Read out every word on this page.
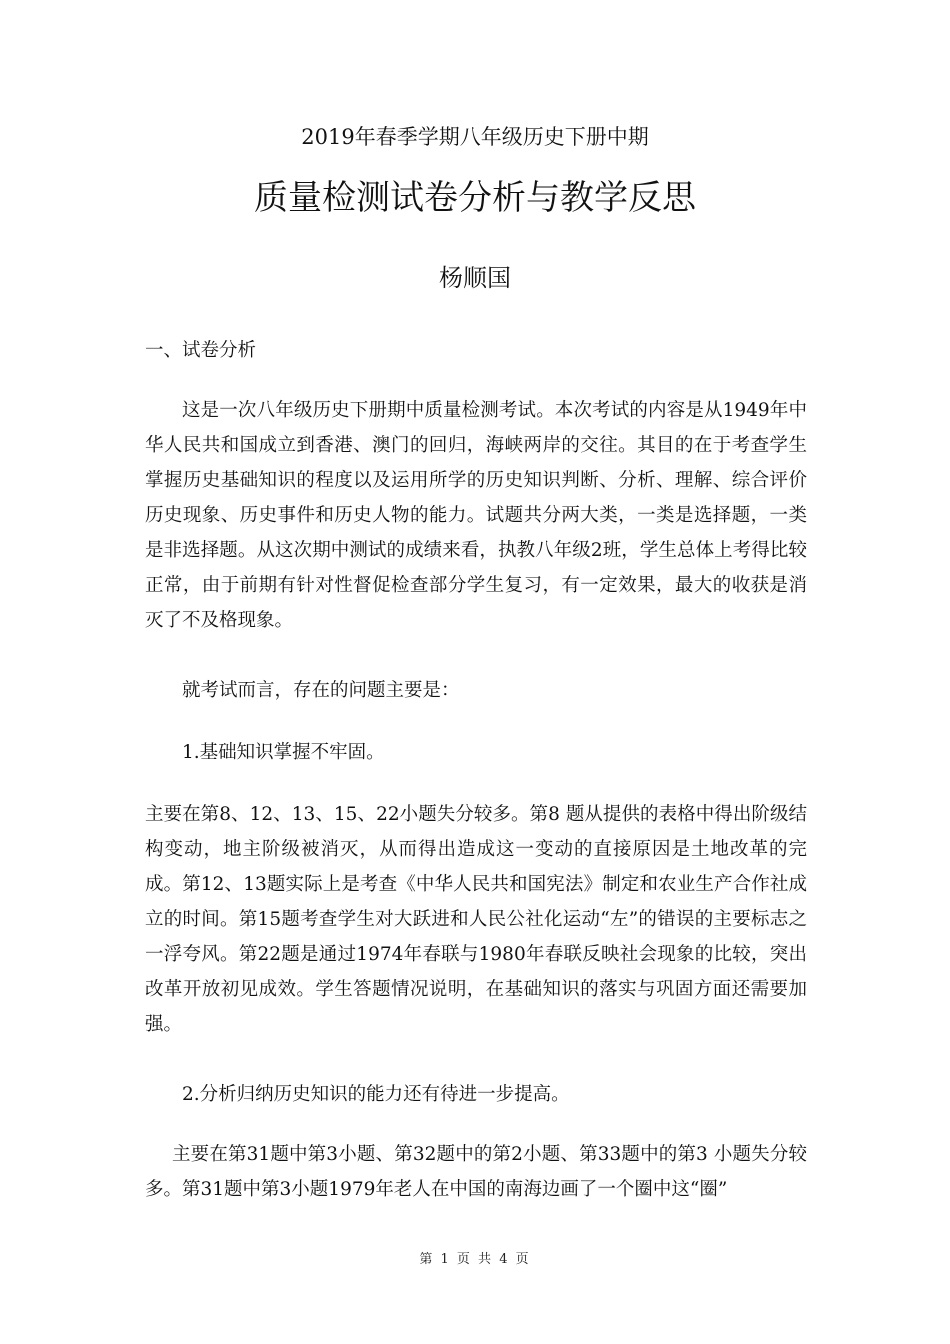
2019年春季学期八年级历史下册中期
质量检测试卷分析与教学反思
杨顺国
一、试卷分析
这是一次八年级历史下册期中质量检测考试。本次考试的内容是从1949年中华人民共和国成立到香港、澳门的回归，海峡两岸的交往。其目的在于考查学生掌握历史基础知识的程度以及运用所学的历史知识判断、分析、理解、综合评价历史现象、历史事件和历史人物的能力。试题共分两大类，一类是选择题，一类是非选择题。从这次期中测试的成绩来看，执教八年级2班，学生总体上考得比较正常，由于前期有针对性督促检查部分学生复习，有一定效果，最大的收获是消灭了不及格现象。
就考试而言，存在的问题主要是：
1.基础知识掌握不牢固。
主要在第8、12、13、15、22小题失分较多。第8 题从提供的表格中得出阶级结构变动，地主阶级被消灭，从而得出造成这一变动的直接原因是土地改革的完成。第12、13题实际上是考查《中华人民共和国宪法》制定和农业生产合作社成立的时间。第15题考查学生对大跃进和人民公社化运动“左”的错误的主要标志之一浮夸风。第22题是通过1974年春联与1980年春联反映社会现象的比较，突出改革开放初见成效。学生答题情况说明，在基础知识的落实与巩固方面还需要加强。
2.分析归纳历史知识的能力还有待进一步提高。
主要在第31题中第3小题、第32题中的第2小题、第33题中的第3 小题失分较多。第31题中第3小题1979年老人在中国的南海边画了一个圈中这“圈”
第 1 页 共 4 页
